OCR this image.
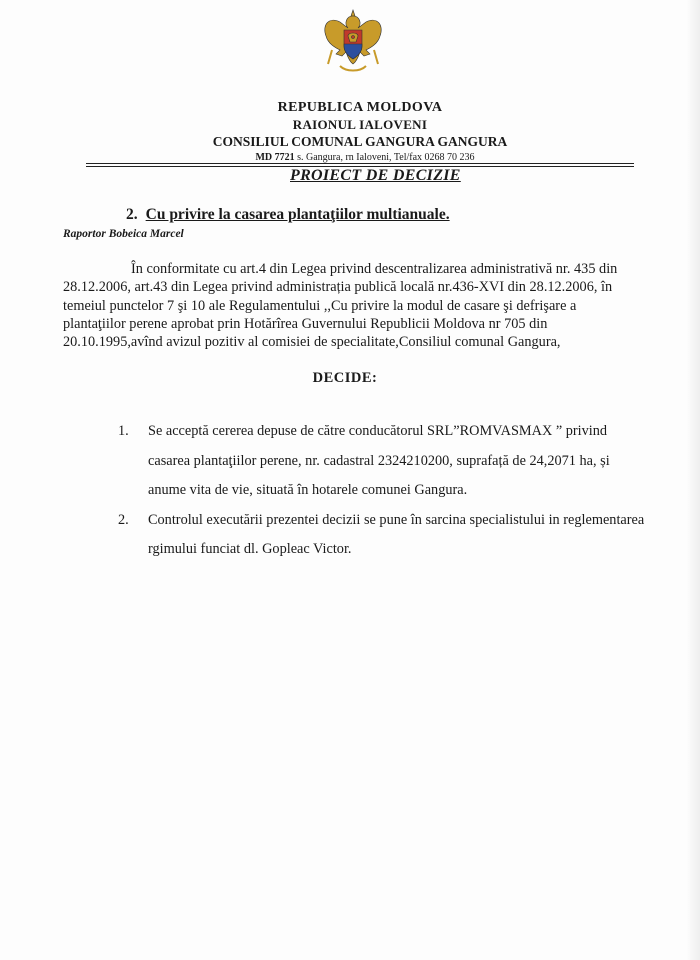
REPUBLICA MOLDOVA
RAIONUL IALOVENI
CONSILIUL COMUNAL GANGURA GANGURA
MD 7721 s. Gangura, rn Ialoveni, Tel/fax 0268 70 236
PROIECT DE DECIZIE
2. Cu privire la casarea plantaţiilor multianuale.
Raportor Bobeica Marcel

În conformitate cu art.4 din Legea privind descentralizarea administrativă nr. 435 din 28.12.2006, art.43 din Legea privind administrația publică locală nr.436-XVI din 28.12.2006, în temeiul punctelor 7 şi 10 ale Regulamentului ,,Cu privire la modul de casare şi defrişare a plantaţiilor perene aprobat prin Hotărîrea Guvernului Republicii Moldova nr 705 din 20.10.1995,avînd avizul pozitiv al comisiei de specialitate,Consiliul comunal Gangura,

DECIDE:
1. Se acceptă cererea depuse de către conducătorul SRL”ROMVASMAX ” privind casarea plantaţiilor perene, nr. cadastral 2324210200, suprafață de 24,2071 ha, și anume vita de vie, situată în hotarele comunei Gangura.
2. Controlul executării prezentei decizii se pune în sarcina specialistului in reglementarea rgimului funciat dl. Gopleac Victor.
